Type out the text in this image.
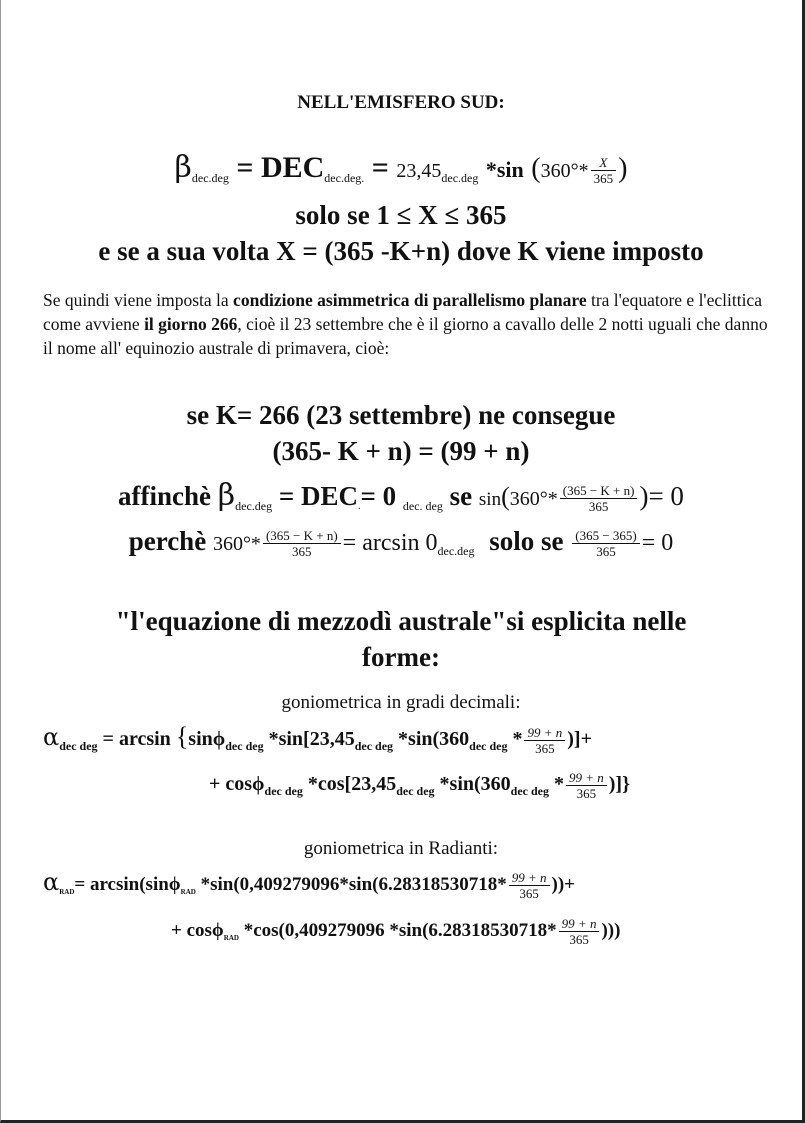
NELL'EMISFERO SUD:
βdec.deg = DECdec.deg. = 23,45dec.deg *sin ($360^\circ* \frac{X}{365}$ )
solo se 1 ≤ X ≤ 365
e se a sua volta X = (365 -K+n) dove K viene imposto
Se quindi viene imposta la condizione asimmetrica di parallelismo planare tra l'equatore e l'eclittica come avviene il giorno 266, cioè il 23 settembre che è il giorno a cavallo delle 2 notti uguali che danno il nome all' equinozio australe di primavera, cioè:
se K= 266 (23 settembre) ne consegue
(365- K + n) = (99 + n)
affinchè βdec.deg = DEC.= 0 dec. deg se $\sin(360^\circ* \frac{(365 - K + n)}{365}$ )= 0
perchè $360^\circ* \frac{(365 - K + n)}{365} = \arcsin 0dec.deg$ solo se $\frac{(365 - 365)}{365} = 0$
"l'equazione di mezzodì australe"si esplicita nelle
forme:
goniometrica in gradi decimali:
$\alpha_{dec deg} = \arcsin \{\sin\phi_{dec deg}$ $*\sin[23,45_{dec deg}$ $*\sin(360_{dec deg} * \frac{99 + n}{365}$ )]+
+ cosϕ$_{dec deg}$ $*\cos[23,45_{dec deg}$ $*\sin(360_{dec deg} * \frac{99 + n}{365}$ )]}
goniometrica in Radianti:
$\alpha_{RAD}= \arcsin(\sin\phi_{RAD}$ $*\sin(0,409279096*\sin(6.28318530718* \frac{99 + n}{365}$ ))+
+ cosϕ$_{RAD}$ *cos(0,409279096 $*\sin(6.28318530718* \frac{99 + n}{365}$ )))
